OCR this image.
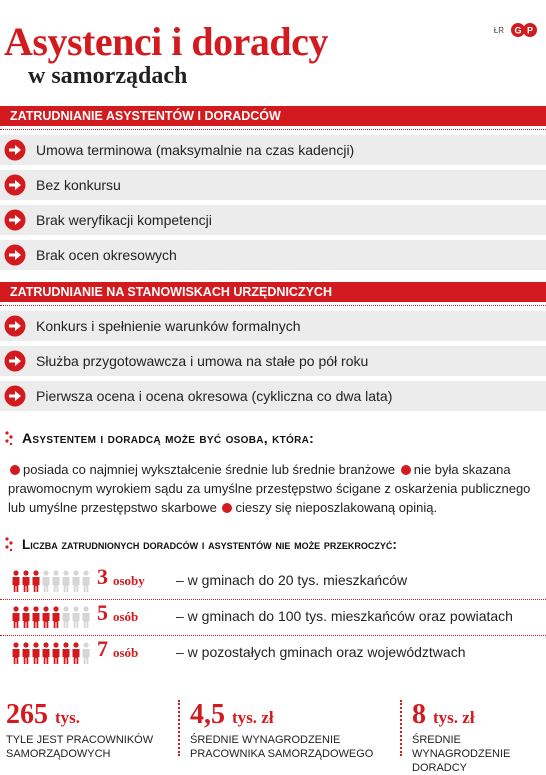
ŁR G P
Asystenci i doradcy
w samorządach
ZATRUDNIANIE ASYSTENTÓW I DORADCÓW
Umowa terminowa (maksymalnie na czas kadencji)
Bez konkursu
Brak weryfikacji kompetencji
Brak ocen okresowych
ZATRUDNIANIE NA STANOWISKACH URZĘDNICZYCH
Konkurs i spełnienie warunków formalnych
Służba przygotowawcza i umowa na stałe po pół roku
Pierwsza ocena i ocena okresowa (cykliczna co dwa lata)
Asystentem i doradcą może być osoba, która:
posiada co najmniej wykształcenie średnie lub średnie branżowe nie była skazana prawomocnym wyrokiem sądu za umyślne przestępstwo ścigane z oskarżenia publicznego lub umyślne przestępstwo skarbowe cieszy się nieposzlakowaną opinią.
Liczba zatrudnionych doradców i asystentów nie może przekroczyć:
3 osoby – w gminach do 20 tys. mieszkańców
5 osób	– w gminach do 100 tys. mieszkańców oraz powiatach
7 osób	– w pozostałych gminach oraz województwach
265 tys.
TYLE JEST PRACOWNIKÓW SAMORZĄDOWYCH
4,5 tys. zł
ŚREDNIE WYNAGRODZENIE PRACOWNIKA SAMORZĄDOWEGO
8 tys. zł
ŚREDNIE WYNAGRODZENIE DORADCY
